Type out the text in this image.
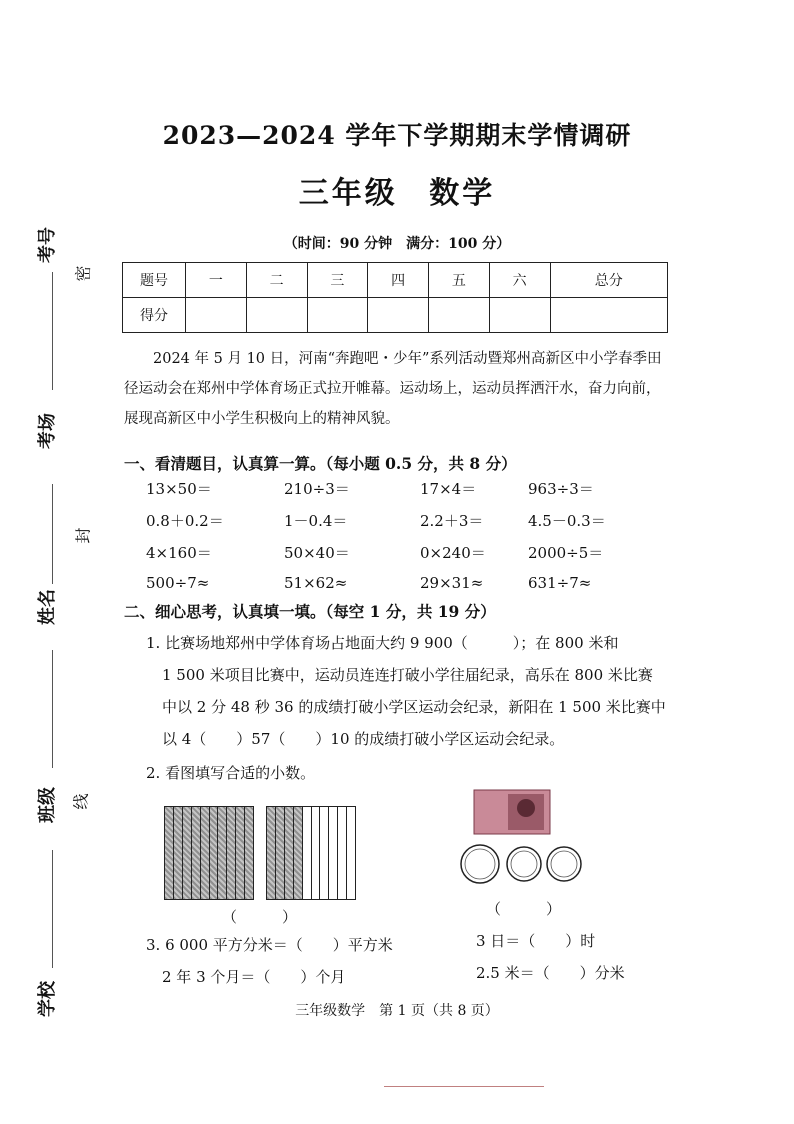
考号
考场
姓名
班级
学校
密
封
线
2023—2024 学年下学期期末学情调研
三年级 数学
（时间：90 分钟　满分：100 分）
题号	一	二	三	四	五	六	总分
得分							
2024 年 5 月 10 日，河南“奔跑吧・少年”系列活动暨郑州高新区中小学春季田径运动会在郑州中学体育场正式拉开帷幕。运动场上，运动员挥洒汗水，奋力向前，展现高新区中小学生积极向上的精神风貌。
一、看清题目，认真算一算。（每小题 0.5 分，共 8 分）
13×50＝	210÷3＝	17×4＝	963÷3＝
0.8＋0.2＝	1－0.4＝	2.2＋3＝	4.5－0.3＝
4×160＝	50×40＝	0×240＝	2000÷5＝
500÷7≈	51×62≈	29×31≈	631÷7≈
二、细心思考，认真填一填。（每空 1 分，共 19 分）
1. 比赛场地郑州中学体育场占地面大约 9 900（　　　）；在 800 米和
1 500 米项目比赛中，运动员连连打破小学往届纪录，高乐在 800 米比赛
中以 2 分 48 秒 36 的成绩打破小学区运动会纪录，新阳在 1 500 米比赛中
以 4（　　）57（　　）10 的成绩打破小学区运动会纪录。
2. 看图填写合适的小数。
（　　　）	（　　　）
3. 6 000 平方分米＝（　　）平方米
2 年 3 个月＝（　　）个月
3 日＝（　　）时
2.5 米＝（　　）分米
三年级数学　第 1 页（共 8 页）
